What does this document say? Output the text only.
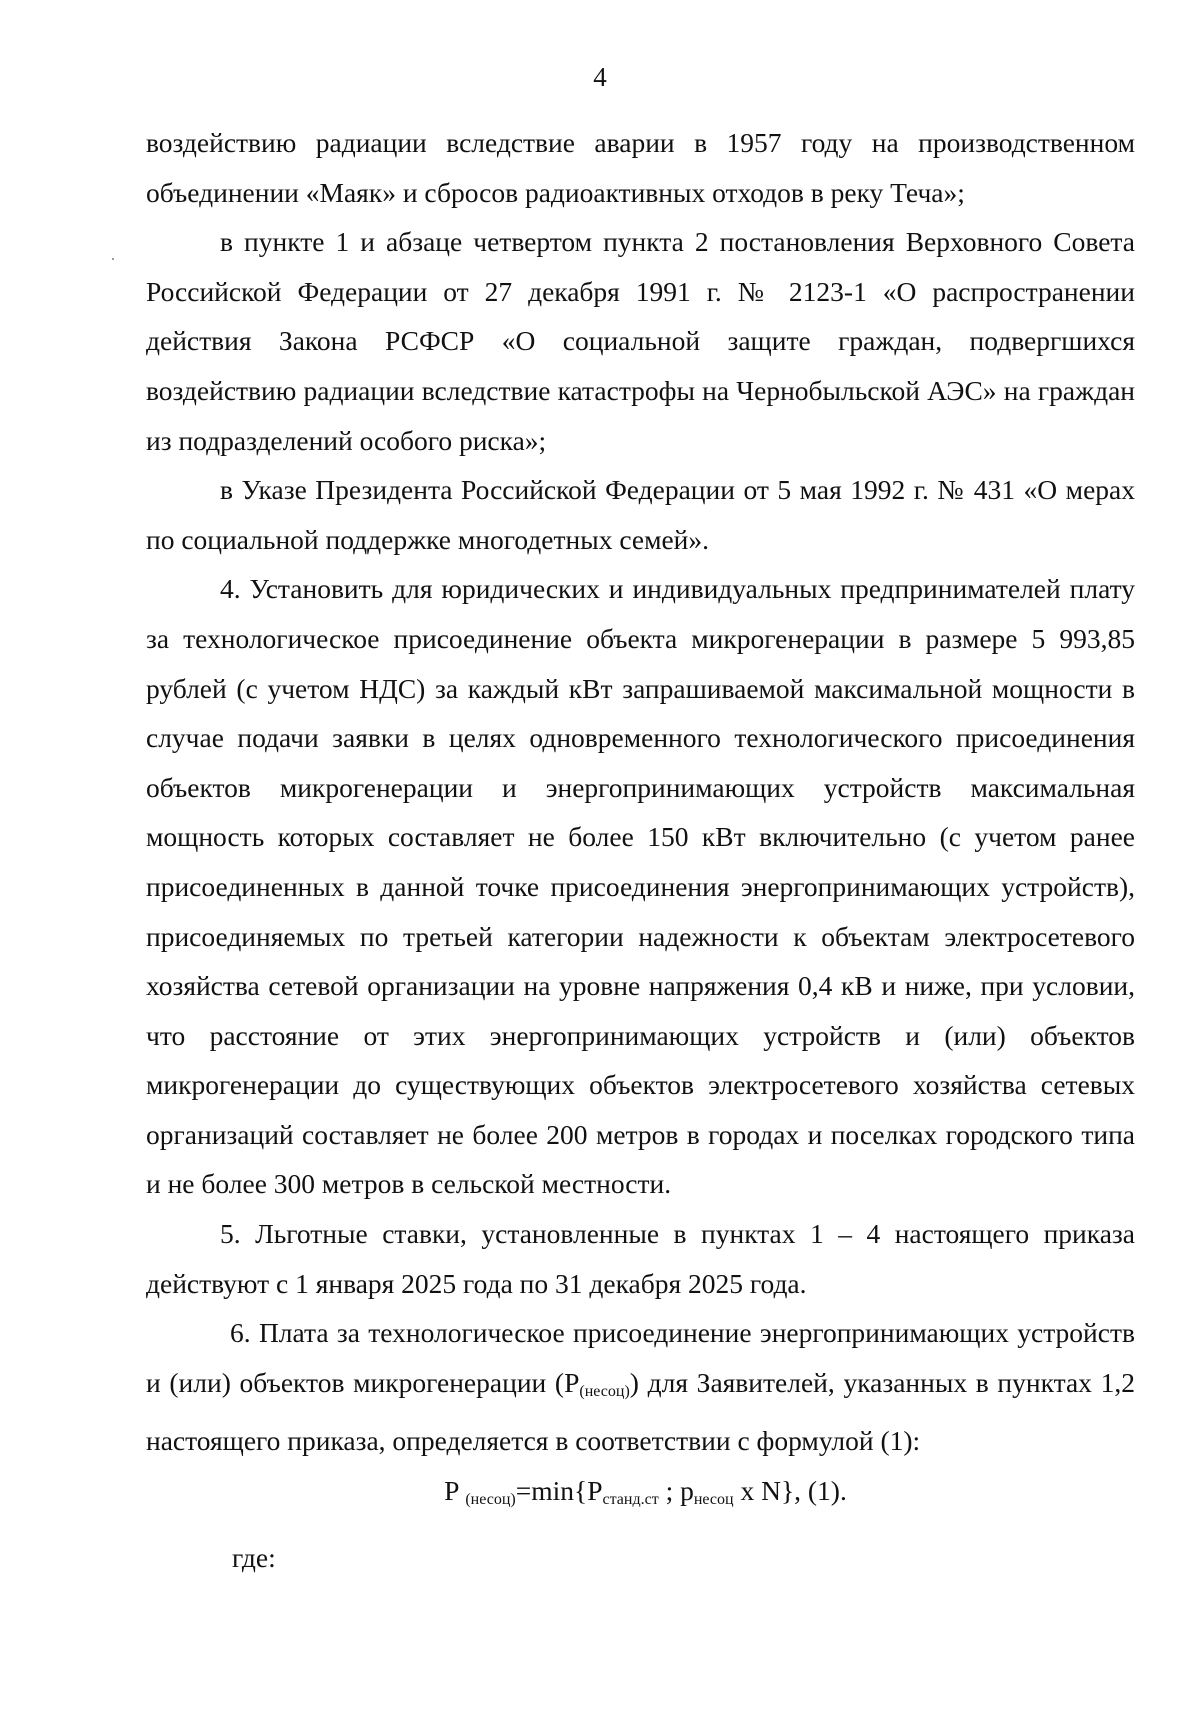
4

воздействию радиации вследствие аварии в 1957 году на производственном объединении «Маяк» и сбросов радиоактивных отходов в реку Теча»;

в пункте 1 и абзаце четвертом пункта 2 постановления Верховного Совета Российской Федерации от 27 декабря 1991 г. № 2123-1 «О распространении действия Закона РСФСР «О социальной защите граждан, подвергшихся воздействию радиации вследствие катастрофы на Чернобыльской АЭС» на граждан из подразделений особого риска»;

в Указе Президента Российской Федерации от 5 мая 1992 г. № 431 «О мерах по социальной поддержке многодетных семей».

4. Установить для юридических и индивидуальных предпринимателей плату за технологическое присоединение объекта микрогенерации в размере 5 993,85 рублей (с учетом НДС) за каждый кВт запрашиваемой максимальной мощности в случае подачи заявки в целях одновременного технологического присоединения объектов микрогенерации и энергопринимающих устройств максимальная мощность которых составляет не более 150 кВт включительно (с учетом ранее присоединенных в данной точке присоединения энергопринимающих устройств), присоединяемых по третьей категории надежности к объектам электросетевого хозяйства сетевой организации на уровне напряжения 0,4 кВ и ниже, при условии, что расстояние от этих энергопринимающих устройств и (или) объектов микрогенерации до существующих объектов электросетевого хозяйства сетевых организаций составляет не более 200 метров в городах и поселках городского типа и не более 300 метров в сельской местности.

5. Льготные ставки, установленные в пунктах 1 – 4 настоящего приказа действуют с 1 января 2025 года по 31 декабря 2025 года.

6. Плата за технологическое присоединение энергопринимающих устройств и (или) объектов микрогенерации $(P_{(несоц)})$ для Заявителей, указанных в пунктах 1,2 настоящего приказа, определяется в соответствии с формулой (1):

P $_{(несоц)}=\min\{P_{станд.ст}$ ; $p_{несоц}$ x N}, (1).

где:
